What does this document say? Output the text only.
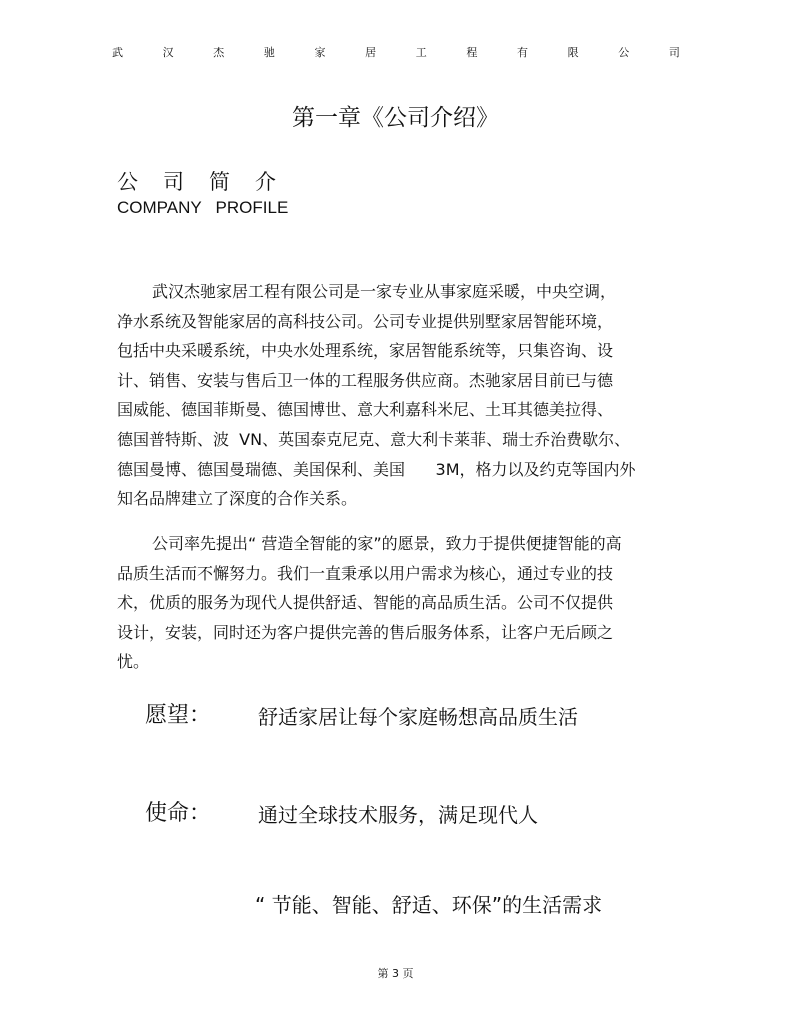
武	汉	杰	驰	家	居	工	程	有	限	公	司
第一章《公司介绍》
公 司 简 介
COMPANY   PROFILE
武汉杰驰家居工程有限公司是一家专业从事家庭采暖，中央空调，
净水系统及智能家居的高科技公司。公司专业提供别墅家居智能环境，
包括中央采暖系统，中央水处理系统，家居智能系统等，只集咨询、设
计、销售、安装与售后卫一体的工程服务供应商。杰驰家居目前已与德
国威能、德国菲斯曼、德国博世、意大利嘉科米尼、土耳其德美拉得、
德国普特斯、波  VN、英国泰克尼克、意大利卡莱菲、瑞士乔治费歇尔、
德国曼博、德国曼瑞德、美国保利、美国      3M，格力以及约克等国内外
知名品牌建立了深度的合作关系。
公司率先提出“ 营造全智能的家”的愿景，致力于提供便捷智能的高
品质生活而不懈努力。我们一直秉承以用户需求为核心，通过专业的技
术，优质的服务为现代人提供舒适、智能的高品质生活。公司不仅提供
设计，安装，同时还为客户提供完善的售后服务体系，让客户无后顾之
忧。
愿望： 舒适家居让每个家庭畅想高品质生活
使命： 通过全球技术服务，满足现代人
“ 节能、智能、舒适、环保”的生活需求
第 3 页
